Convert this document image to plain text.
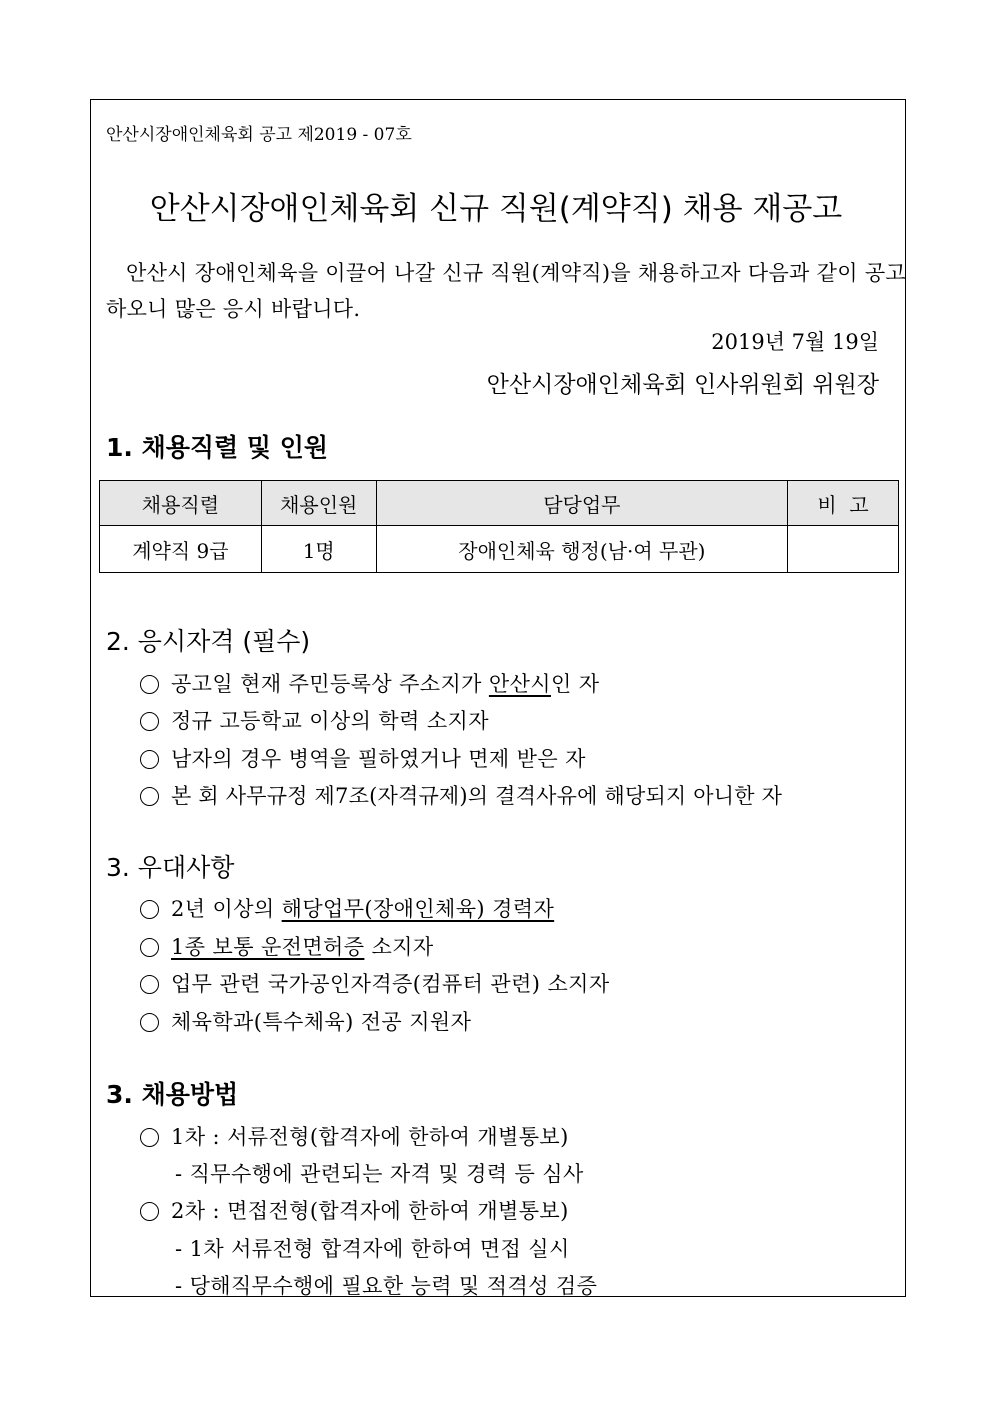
안산시장애인체육회 공고 제2019 - 07호
안산시장애인체육회 신규 직원(계약직) 채용 재공고
안산시 장애인체육을 이끌어 나갈 신규 직원(계약직)을 채용하고자 다음과 같이 공고하오니 많은 응시 바랍니다.
2019년 7월 19일
안산시장애인체육회 인사위원회 위원장
1. 채용직렬 및 인원
채용직렬	채용인원	담당업무	비  고
계약직 9급	1명	장애인체육 행정(남·여 무관)	
2. 응시자격 (필수)
공고일 현재 주민등록상 주소지가 안산시인 자
정규 고등학교 이상의 학력 소지자
남자의 경우 병역을 필하였거나 면제 받은 자
본 회 사무규정 제7조(자격규제)의 결격사유에 해당되지 아니한 자
3. 우대사항
2년 이상의 해당업무(장애인체육) 경력자
1종 보통 운전면허증 소지자
업무 관련 국가공인자격증(컴퓨터 관련) 소지자
체육학과(특수체육) 전공 지원자
3. 채용방법
1차 : 서류전형(합격자에 한하여 개별통보)
- 직무수행에 관련되는 자격 및 경력 등 심사
2차 : 면접전형(합격자에 한하여 개별통보)
- 1차 서류전형 합격자에 한하여 면접 실시
- 당해직무수행에 필요한 능력 및 적격성 검증
